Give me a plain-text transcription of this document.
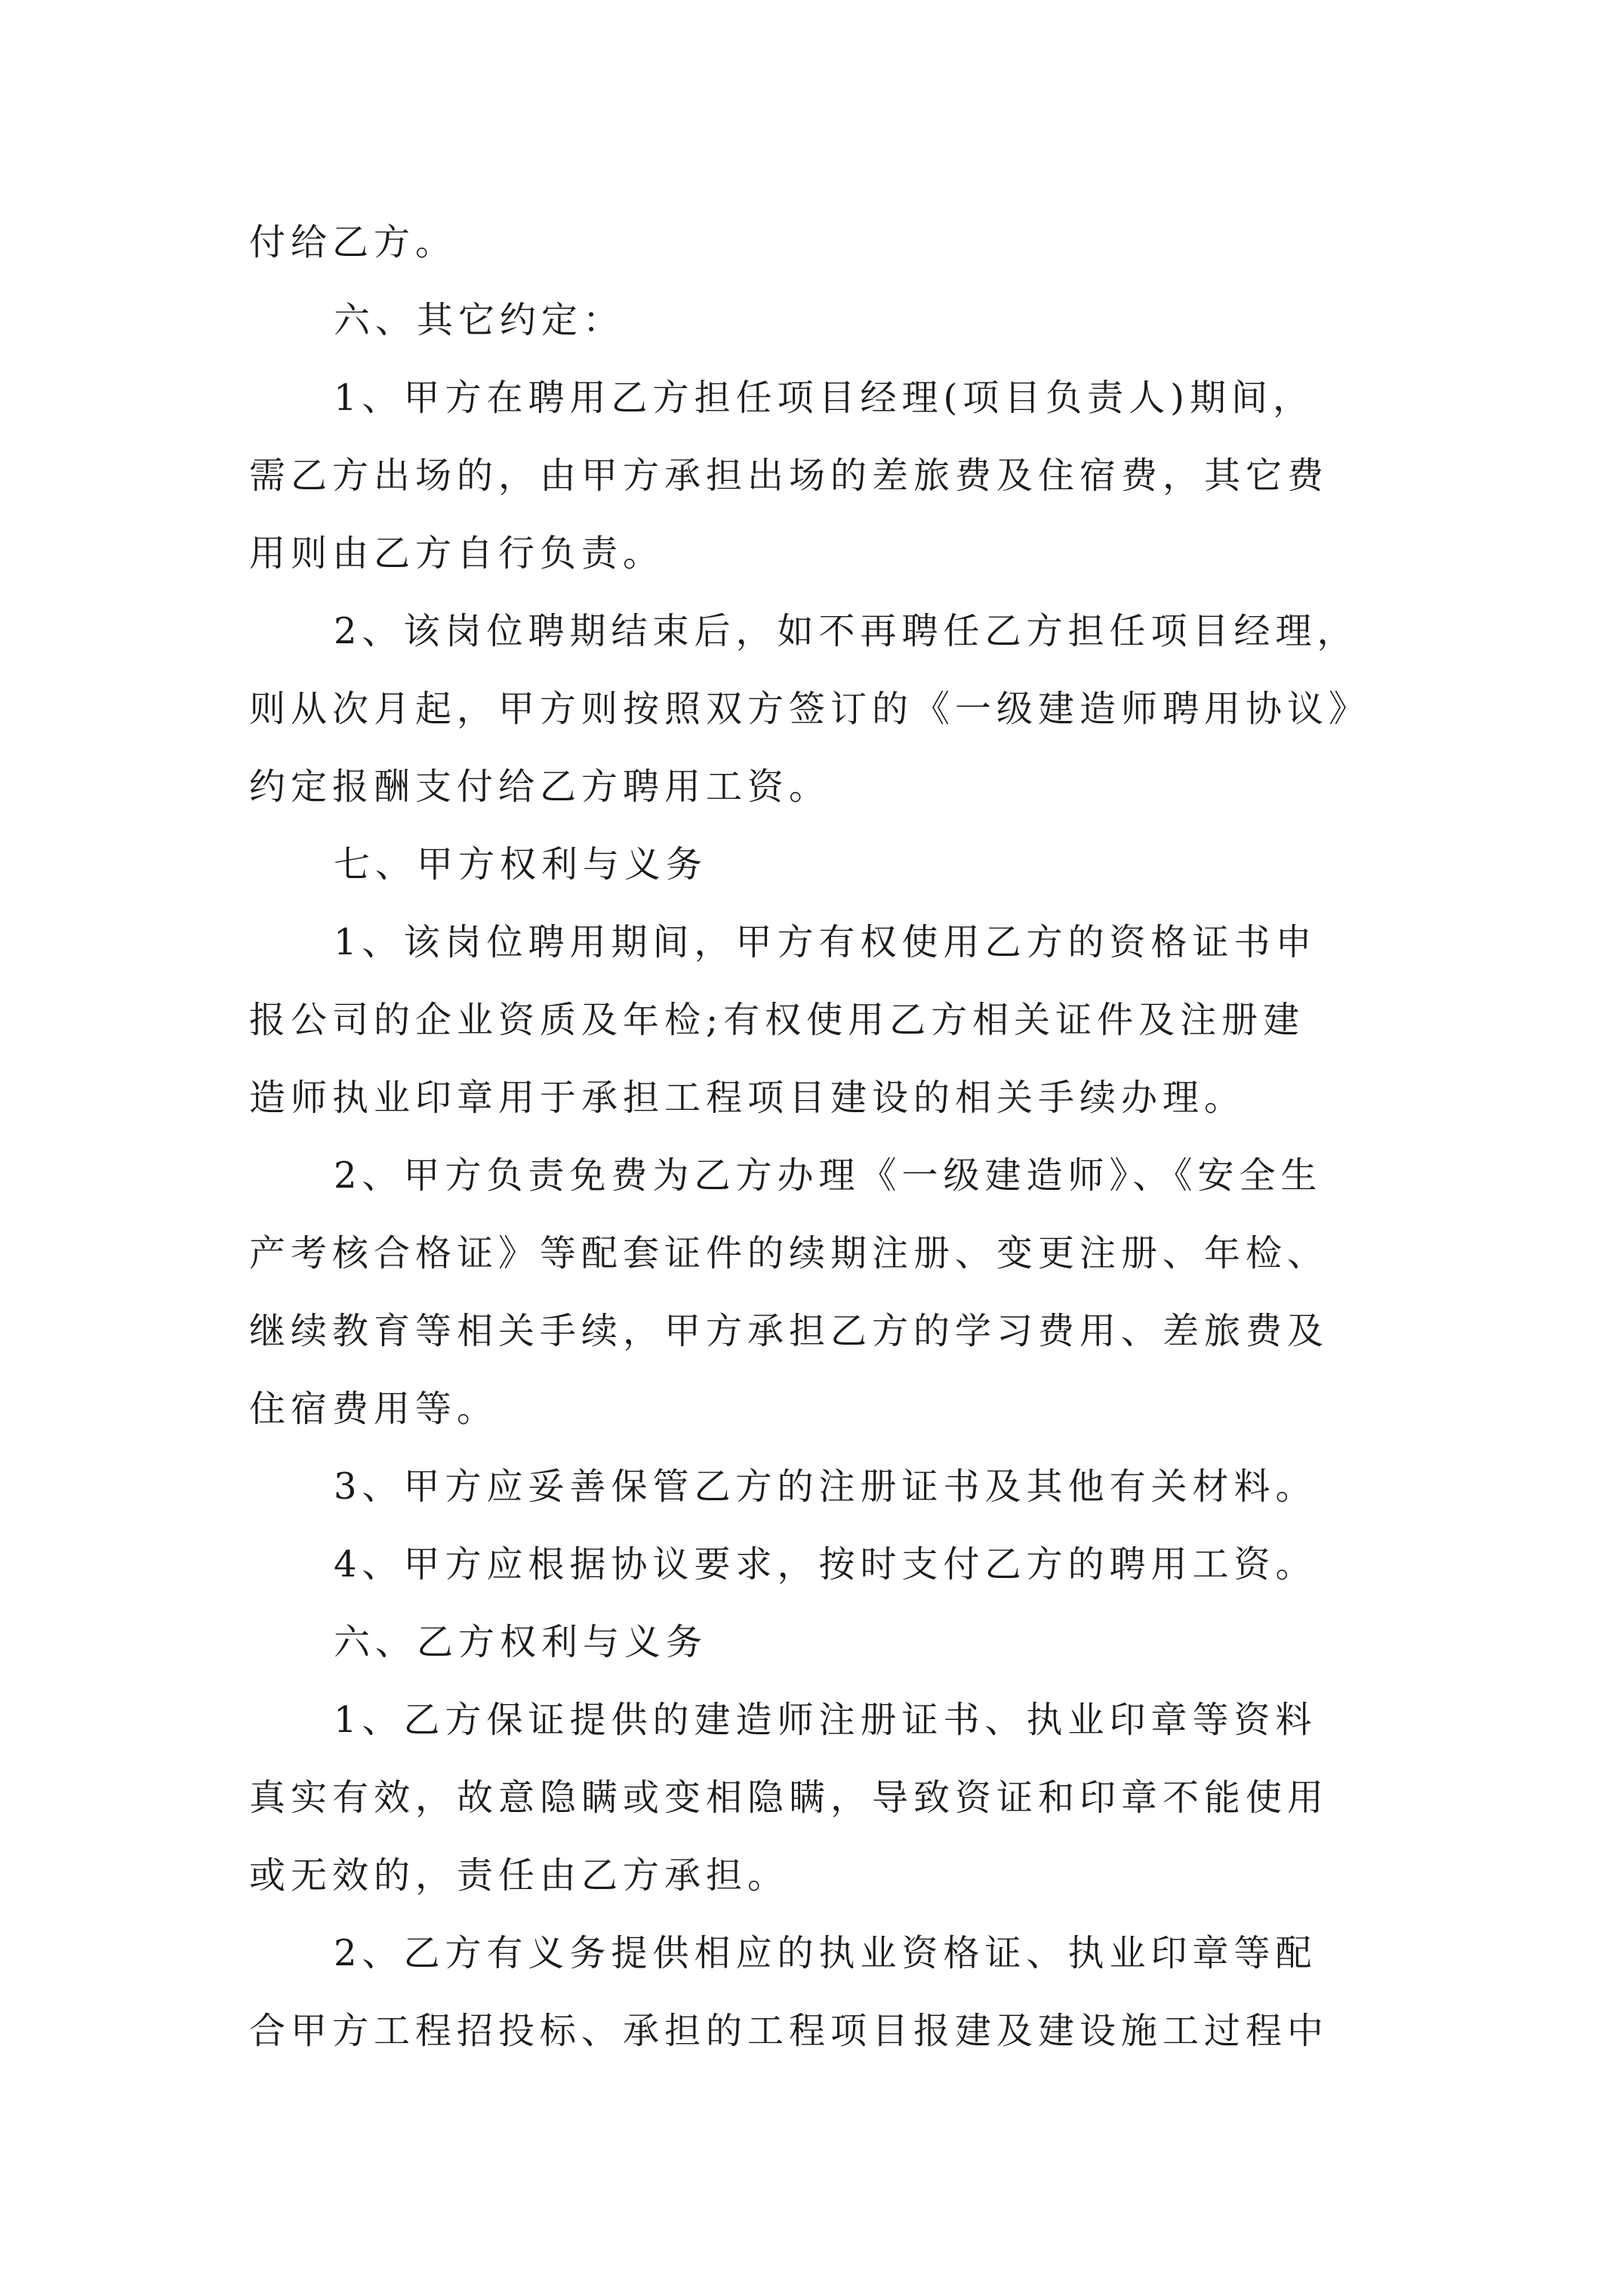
付给乙方。
六、其它约定：
1、甲方在聘用乙方担任项目经理(项目负责人)期间，
需乙方出场的，由甲方承担出场的差旅费及住宿费，其它费
用则由乙方自行负责。
2、该岗位聘期结束后，如不再聘任乙方担任项目经理，
则从次月起，甲方则按照双方签订的《一级建造师聘用协议》
约定报酬支付给乙方聘用工资。
七、甲方权利与义务
1、该岗位聘用期间，甲方有权使用乙方的资格证书申
报公司的企业资质及年检;有权使用乙方相关证件及注册建
造师执业印章用于承担工程项目建设的相关手续办理。
2、甲方负责免费为乙方办理《一级建造师》、《安全生
产考核合格证》等配套证件的续期注册、变更注册、年检、
继续教育等相关手续，甲方承担乙方的学习费用、差旅费及
住宿费用等。
3、甲方应妥善保管乙方的注册证书及其他有关材料。
4、甲方应根据协议要求，按时支付乙方的聘用工资。
六、乙方权利与义务
1、乙方保证提供的建造师注册证书、执业印章等资料
真实有效，故意隐瞒或变相隐瞒，导致资证和印章不能使用
或无效的，责任由乙方承担。
2、乙方有义务提供相应的执业资格证、执业印章等配
合甲方工程招投标、承担的工程项目报建及建设施工过程中
